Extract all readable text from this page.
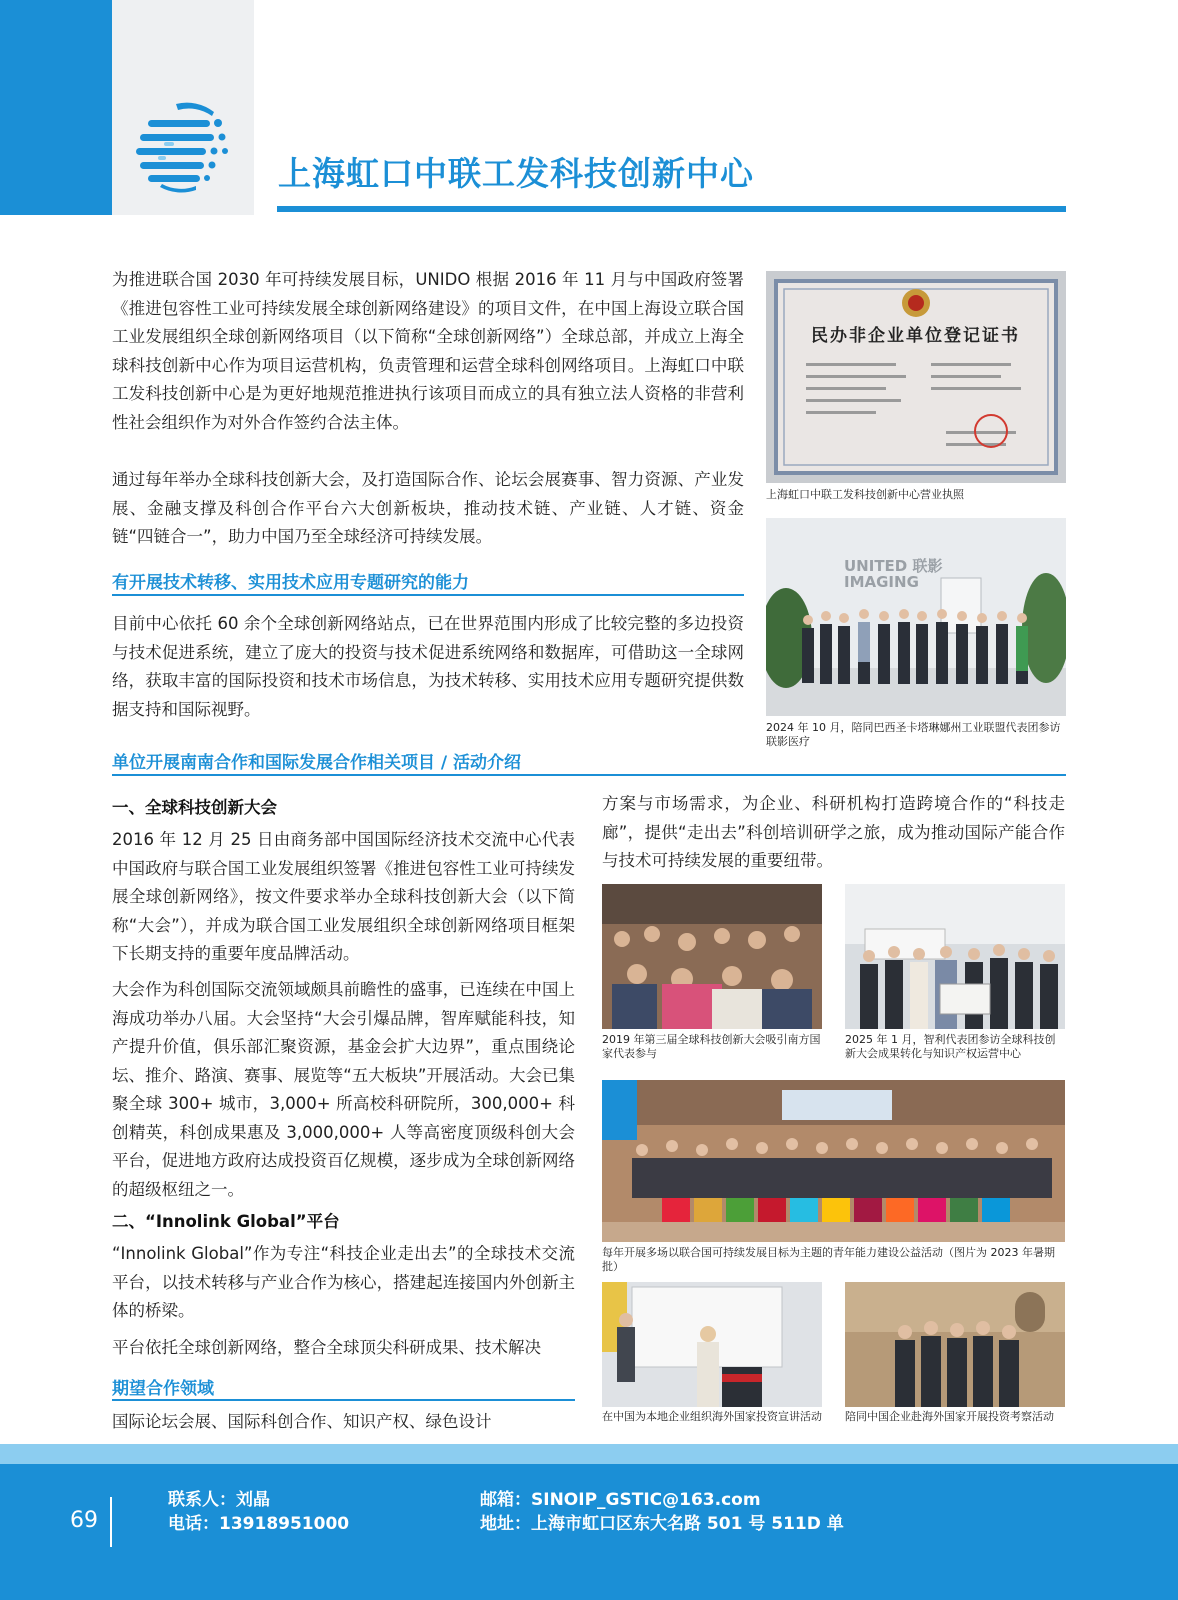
上海虹口中联工发科技创新中心
为推进联合国 2030 年可持续发展目标，UNIDO 根据 2016 年 11 月与中国政府签署《推进包容性工业可持续发展全球创新网络建设》的项目文件，在中国上海设立联合国工业发展组织全球创新网络项目（以下简称“全球创新网络”）全球总部，并成立上海全球科技创新中心作为项目运营机构，负责管理和运营全球科创网络项目。上海虹口中联工发科技创新中心是为更好地规范推进执行该项目而成立的具有独立法人资格的非营利性社会组织作为对外合作签约合法主体。
通过每年举办全球科技创新大会，及打造国际合作、论坛会展赛事、智力资源、产业发展、金融支撑及科创合作平台六大创新板块，推动技术链、产业链、人才链、资金链“四链合一”，助力中国乃至全球经济可持续发展。
有开展技术转移、实用技术应用专题研究的能力
目前中心依托 60 余个全球创新网络站点，已在世界范围内形成了比较完整的多边投资与技术促进系统，建立了庞大的投资与技术促进系统网络和数据库，可借助这一全球网络，获取丰富的国际投资和技术市场信息，为技术转移、实用技术应用专题研究提供数据支持和国际视野。
单位开展南南合作和国际发展合作相关项目 / 活动介绍
一、全球科技创新大会
2016 年 12 月 25 日由商务部中国国际经济技术交流中心代表中国政府与联合国工业发展组织签署《推进包容性工业可持续发展全球创新网络》，按文件要求举办全球科技创新大会（以下简称“大会”），并成为联合国工业发展组织全球创新网络项目框架下长期支持的重要年度品牌活动。
大会作为科创国际交流领域颇具前瞻性的盛事，已连续在中国上海成功举办八届。大会坚持“大会引爆品牌，智库赋能科技，知产提升价值，俱乐部汇聚资源，基金会扩大边界”，重点围绕论坛、推介、路演、赛事、展览等“五大板块”开展活动。大会已集聚全球 300+ 城市，3,000+ 所高校科研院所，300,000+ 科创精英，科创成果惠及 3,000,000+ 人等高密度顶级科创大会平台，促进地方政府达成投资百亿规模，逐步成为全球创新网络的超级枢纽之一。
二、“Innolink Global”平台
“Innolink Global”作为专注“科技企业走出去”的全球技术交流平台，以技术转移与产业合作为核心，搭建起连接国内外创新主体的桥梁。
平台依托全球创新网络，整合全球顶尖科研成果、技术解决
方案与市场需求，为企业、科研机构打造跨境合作的“科技走廊”，提供“走出去”科创培训研学之旅，成为推动国际产能合作与技术可持续发展的重要纽带。
期望合作领域
国际论坛会展、国际科创合作、知识产权、绿色设计
民办非企业单位登记证书
上海虹口中联工发科技创新中心营业执照
UNITED 联影
IMAGING
2024 年 10 月，陪同巴西圣卡塔琳娜州工业联盟代表团参访联影医疗
2019 年第三届全球科技创新大会吸引南方国家代表参与
2025 年 1 月，智利代表团参访全球科技创新大会成果转化与知识产权运营中心
每年开展多场以联合国可持续发展目标为主题的青年能力建设公益活动（图片为 2023 年暑期批）
在中国为本地企业组织海外国家投资宣讲活动 陪同中国企业赴海外国家开展投资考察活动
69
联系人：刘晶
电话：13918951000
邮箱：SINOIP_GSTIC@163.com
地址：上海市虹口区东大名路 501 号 511D 单
